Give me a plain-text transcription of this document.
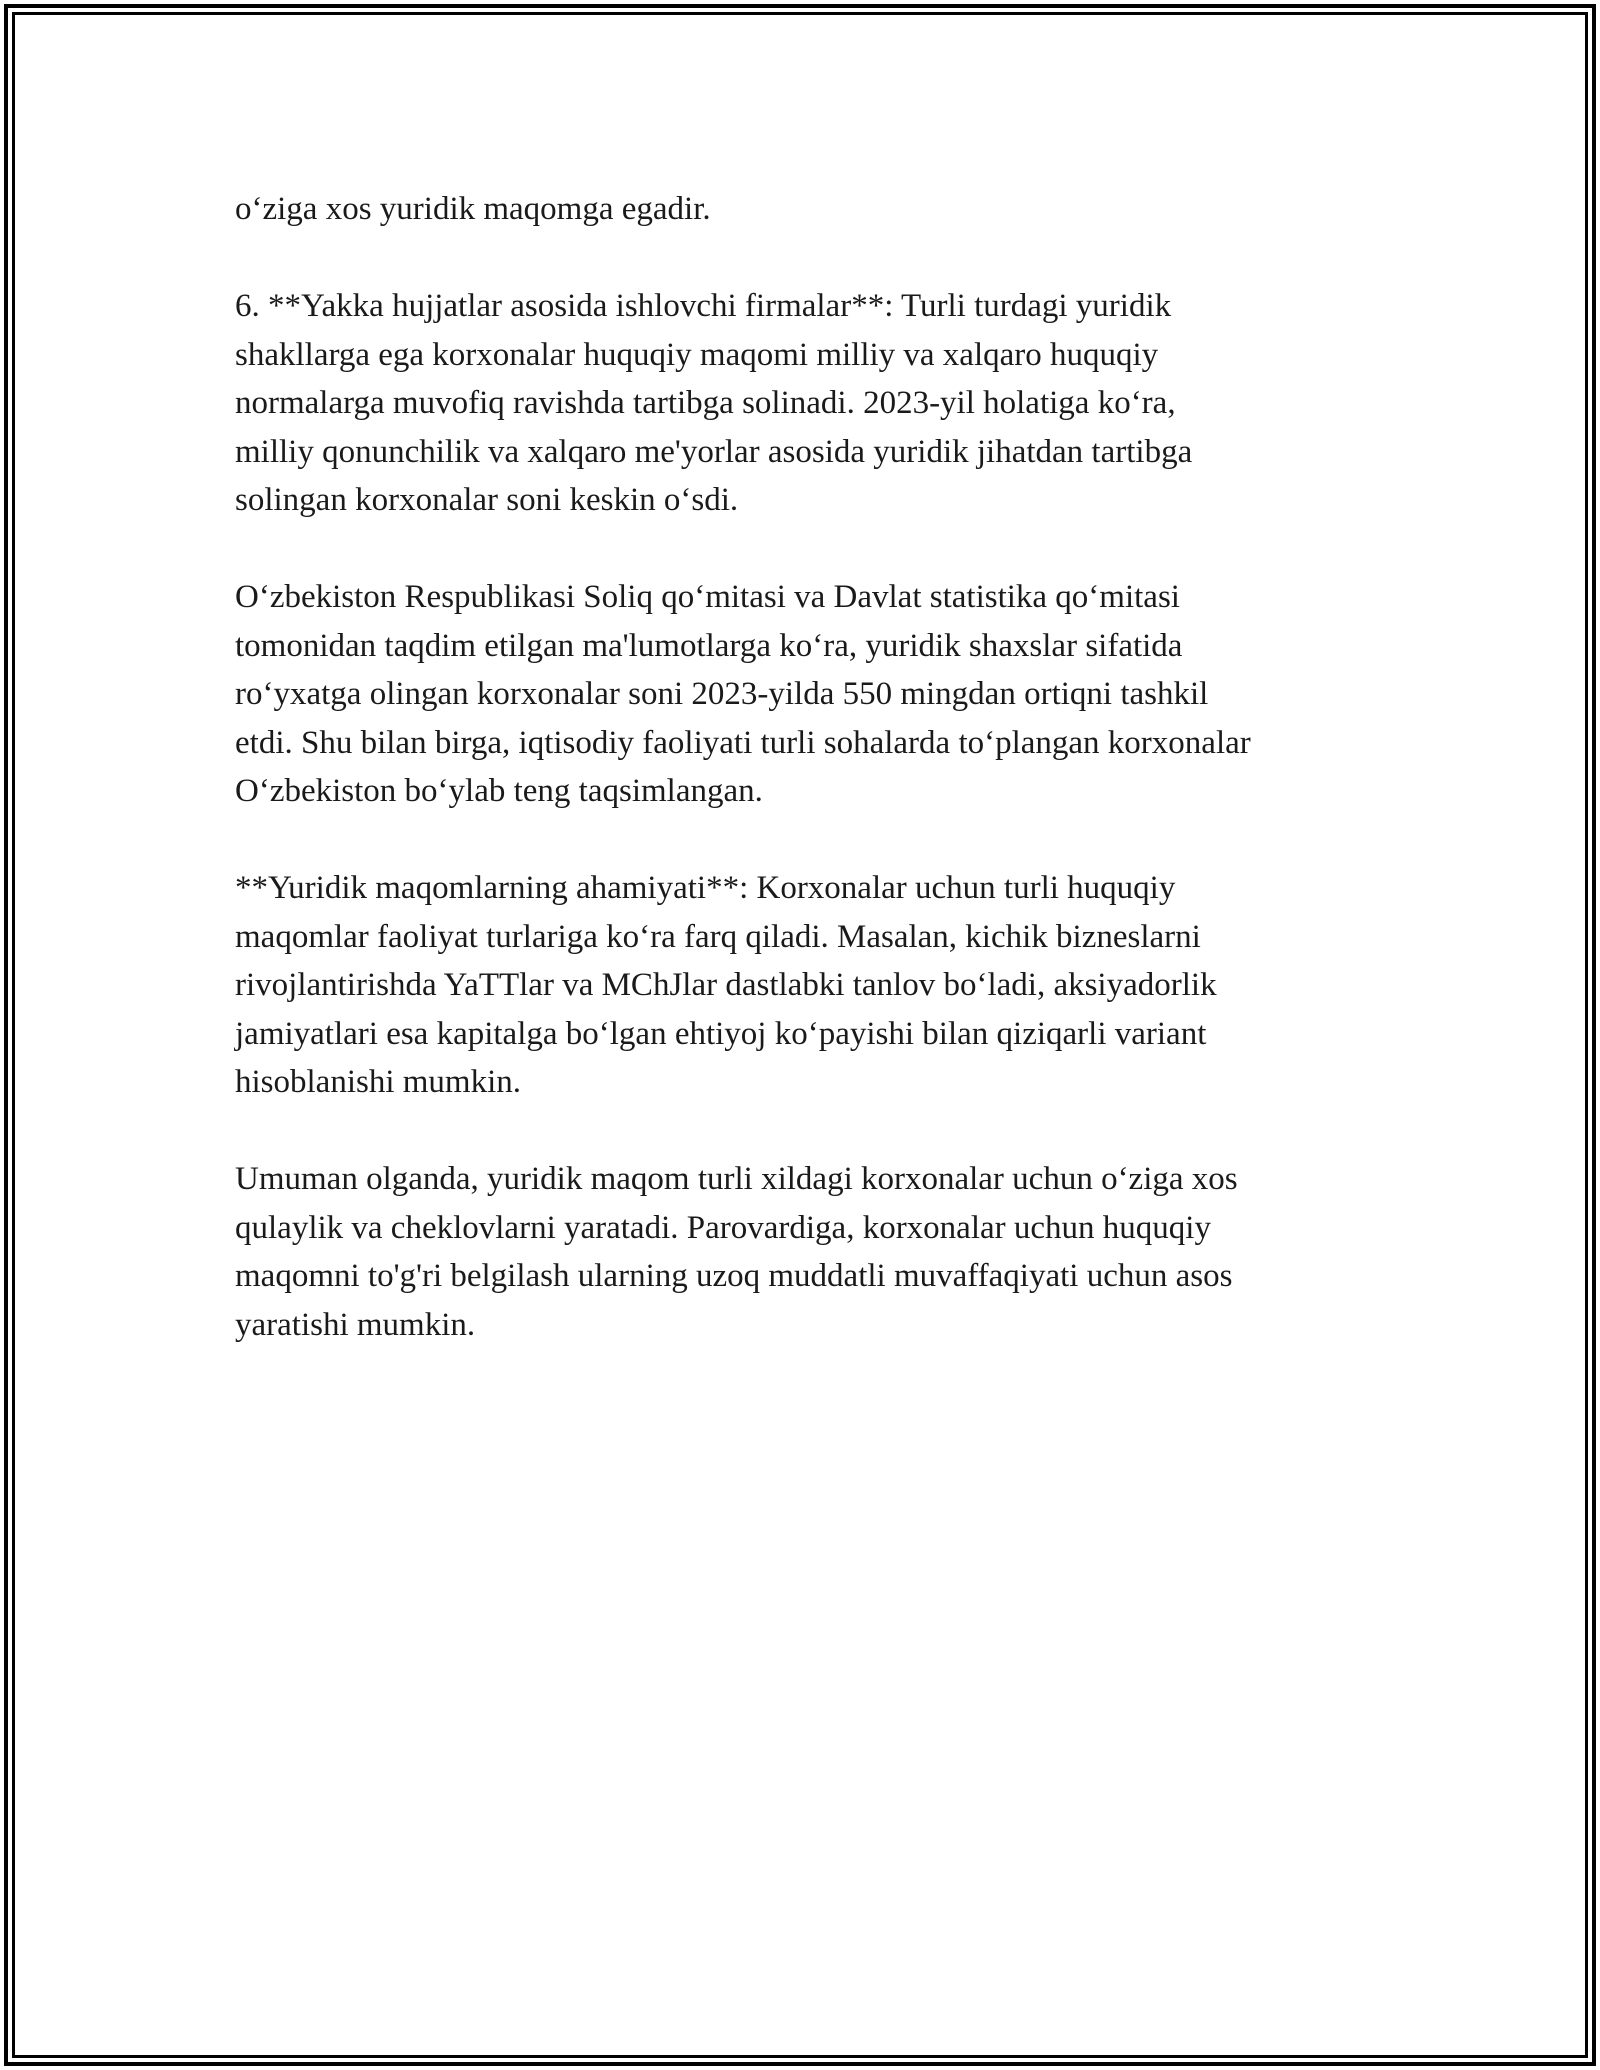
o‘ziga xos yuridik maqomga egadir.

6. **Yakka hujjatlar asosida ishlovchi firmalar**: Turli turdagi yuridik
shakllarga ega korxonalar huquqiy maqomi milliy va xalqaro huquqiy
normalarga muvofiq ravishda tartibga solinadi. 2023-yil holatiga ko‘ra,
milliy qonunchilik va xalqaro me'yorlar asosida yuridik jihatdan tartibga
solingan korxonalar soni keskin o‘sdi.

O‘zbekiston Respublikasi Soliq qo‘mitasi va Davlat statistika qo‘mitasi
tomonidan taqdim etilgan ma'lumotlarga ko‘ra, yuridik shaxslar sifatida
ro‘yxatga olingan korxonalar soni 2023-yilda 550 mingdan ortiqni tashkil
etdi. Shu bilan birga, iqtisodiy faoliyati turli sohalarda to‘plangan korxonalar
O‘zbekiston bo‘ylab teng taqsimlangan.

**Yuridik maqomlarning ahamiyati**: Korxonalar uchun turli huquqiy
maqomlar faoliyat turlariga ko‘ra farq qiladi. Masalan, kichik bizneslarni
rivojlantirishda YaTTlar va MChJlar dastlabki tanlov bo‘ladi, aksiyadorlik
jamiyatlari esa kapitalga bo‘lgan ehtiyoj ko‘payishi bilan qiziqarli variant
hisoblanishi mumkin.

Umuman olganda, yuridik maqom turli xildagi korxonalar uchun o‘ziga xos
qulaylik va cheklovlarni yaratadi. Parovardiga, korxonalar uchun huquqiy
maqomni to'g'ri belgilash ularning uzoq muddatli muvaffaqiyati uchun asos
yaratishi mumkin.
